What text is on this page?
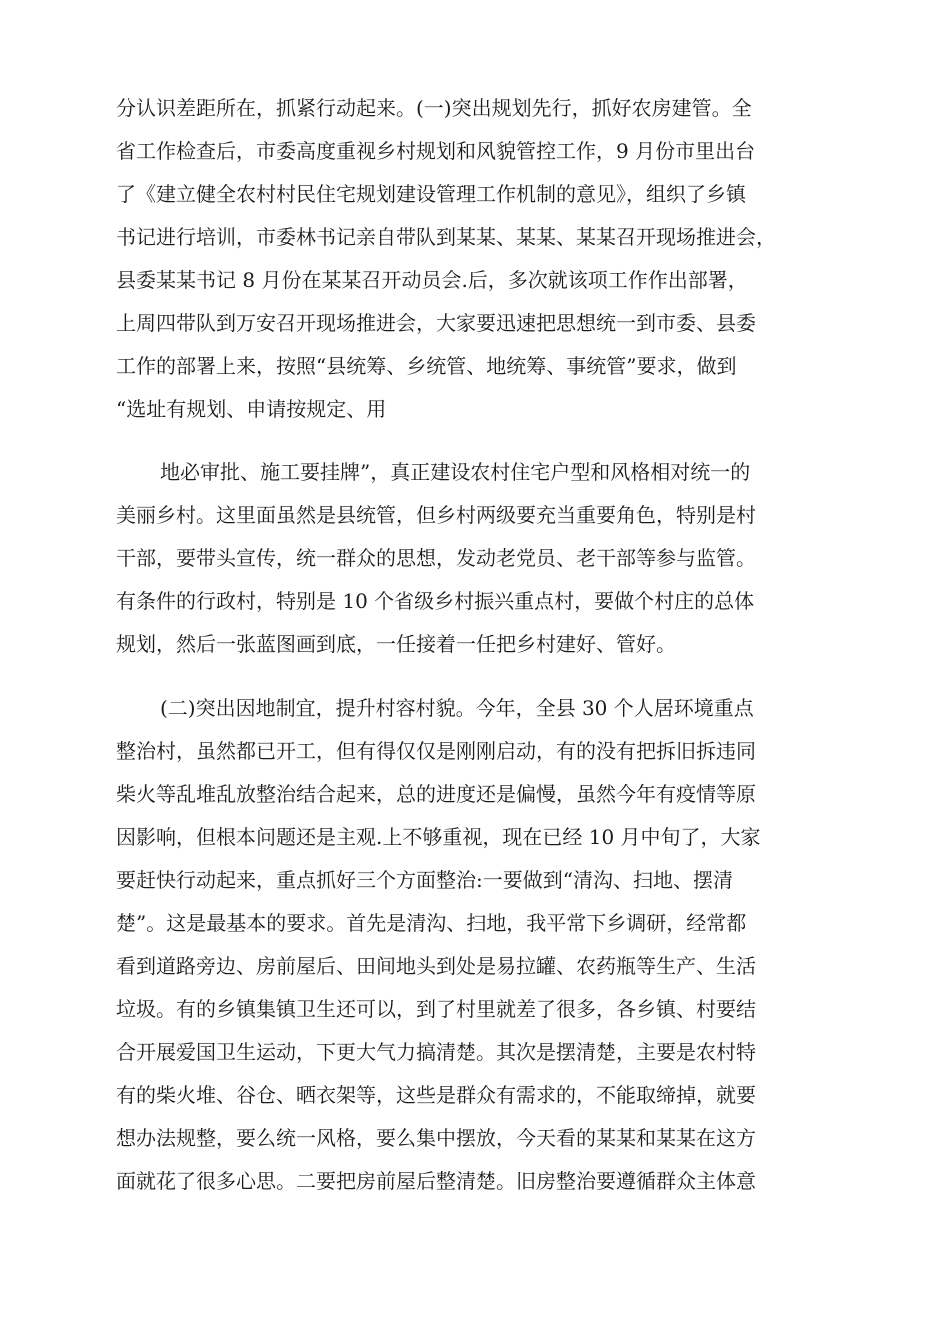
分认识差距所在，抓紧行动起来。(一)突出规划先行，抓好农房建管。全

省工作检查后，市委高度重视乡村规划和风貌管控工作，9 月份市里出台

了《建立健全农村村民住宅规划建设管理工作机制的意见》，组织了乡镇

书记进行培训，市委林书记亲自带队到某某、某某、某某召开现场推进会，

县委某某书记 8 月份在某某召开动员会.后，多次就该项工作作出部署，

上周四带队到万安召开现场推进会，大家要迅速把思想统一到市委、县委

工作的部署上来，按照“县统筹、乡统管、地统筹、事统管”要求，做到

“选址有规划、申请按规定、用

地必审批、施工要挂牌”，真正建设农村住宅户型和风格相对统一的

美丽乡村。这里面虽然是县统管，但乡村两级要充当重要角色，特别是村

干部，要带头宣传，统一群众的思想，发动老党员、老干部等参与监管。

有条件的行政村，特别是 10 个省级乡村振兴重点村，要做个村庄的总体

规划，然后一张蓝图画到底，一任接着一任把乡村建好、管好。

(二)突出因地制宜，提升村容村貌。今年，全县 30 个人居环境重点

整治村，虽然都已开工，但有得仅仅是刚刚启动，有的没有把拆旧拆违同

柴火等乱堆乱放整治结合起来，总的进度还是偏慢，虽然今年有疫情等原

因影响，但根本问题还是主观.上不够重视，现在已经 10 月中旬了，大家

要赶快行动起来，重点抓好三个方面整治:一要做到“清沟、扫地、摆清

楚”。这是最基本的要求。首先是清沟、扫地，我平常下乡调研，经常都

看到道路旁边、房前屋后、田间地头到处是易拉罐、农药瓶等生产、生活

垃圾。有的乡镇集镇卫生还可以，到了村里就差了很多，各乡镇、村要结

合开展爱国卫生运动，下更大气力搞清楚。其次是摆清楚，主要是农村特

有的柴火堆、谷仓、晒衣架等，这些是群众有需求的，不能取缔掉，就要

想办法规整，要么统一风格，要么集中摆放，今天看的某某和某某在这方

面就花了很多心思。二要把房前屋后整清楚。旧房整治要遵循群众主体意
